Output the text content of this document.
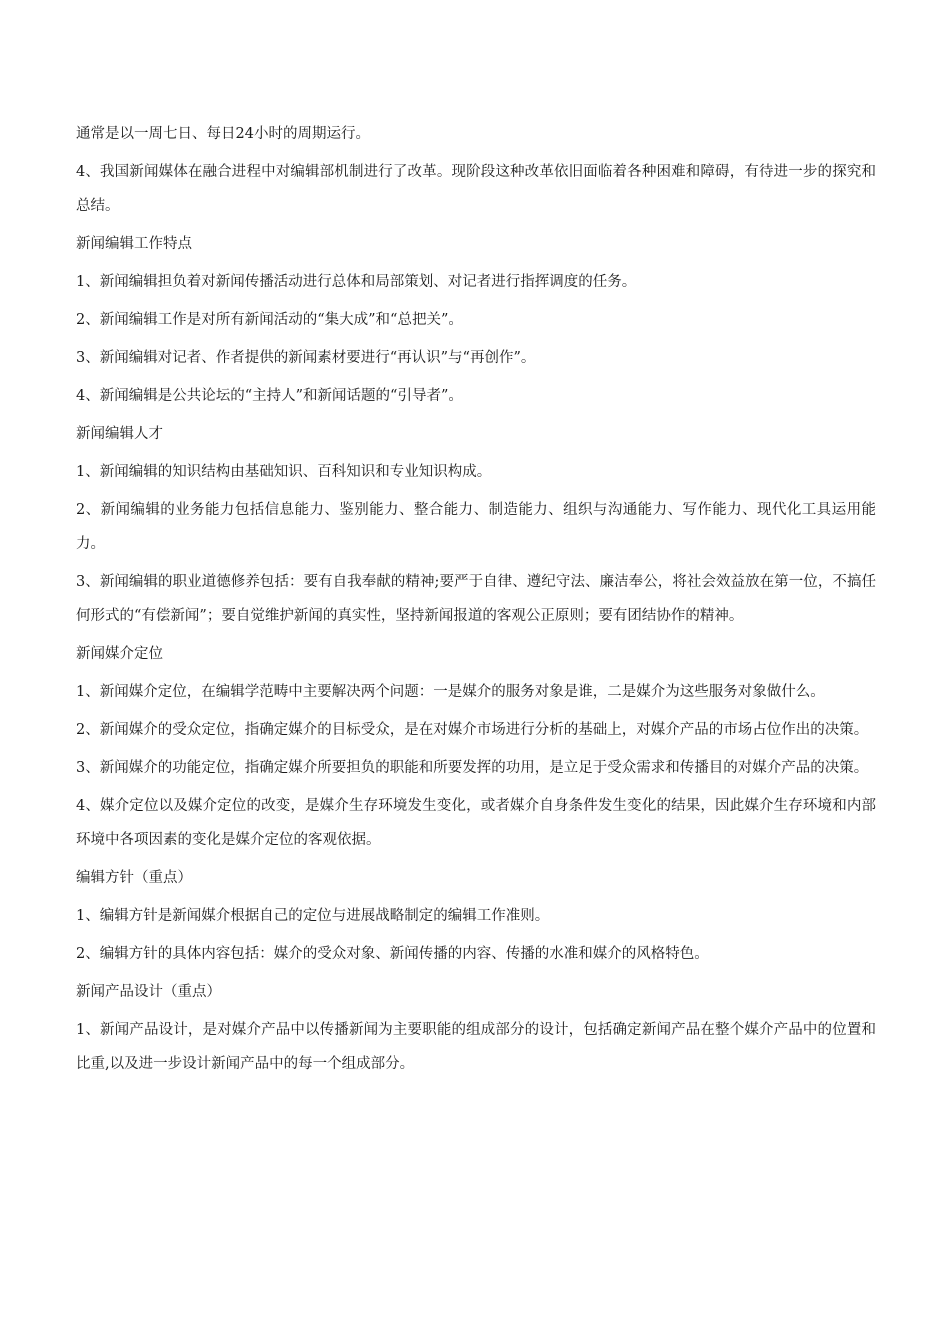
通常是以一周七日、每日24小时的周期运行。

4、我国新闻媒体在融合进程中对编辑部机制进行了改革。现阶段这种改革依旧面临着各种困难和障碍，有待进一步的探究和总结。

新闻编辑工作特点

1、新闻编辑担负着对新闻传播活动进行总体和局部策划、对记者进行指挥调度的任务。

2、新闻编辑工作是对所有新闻活动的“集大成”和“总把关”。

3、新闻编辑对记者、作者提供的新闻素材要进行“再认识”与“再创作”。

4、新闻编辑是公共论坛的“主持人”和新闻话题的“引导者”。

新闻编辑人才

1、新闻编辑的知识结构由基础知识、百科知识和专业知识构成。

2、新闻编辑的业务能力包括信息能力、鉴别能力、整合能力、制造能力、组织与沟通能力、写作能力、现代化工具运用能力。

3、新闻编辑的职业道德修养包括：要有自我奉献的精神;要严于自律、遵纪守法、廉洁奉公，将社会效益放在第一位，不搞任何形式的“有偿新闻”；要自觉维护新闻的真实性，坚持新闻报道的客观公正原则；要有团结协作的精神。

新闻媒介定位

1、新闻媒介定位，在编辑学范畴中主要解决两个问题：一是媒介的服务对象是谁，二是媒介为这些服务对象做什么。

2、新闻媒介的受众定位，指确定媒介的目标受众，是在对媒介市场进行分析的基础上，对媒介产品的市场占位作出的决策。

3、新闻媒介的功能定位，指确定媒介所要担负的职能和所要发挥的功用，是立足于受众需求和传播目的对媒介产品的决策。

4、媒介定位以及媒介定位的改变，是媒介生存环境发生变化，或者媒介自身条件发生变化的结果，因此媒介生存环境和内部环境中各项因素的变化是媒介定位的客观依据。

编辑方针（重点）

1、编辑方针是新闻媒介根据自己的定位与进展战略制定的编辑工作准则。

2、编辑方针的具体内容包括：媒介的受众对象、新闻传播的内容、传播的水准和媒介的风格特色。

新闻产品设计（重点）

1、新闻产品设计，是对媒介产品中以传播新闻为主要职能的组成部分的设计，包括确定新闻产品在整个媒介产品中的位置和比重,以及进一步设计新闻产品中的每一个组成部分。
